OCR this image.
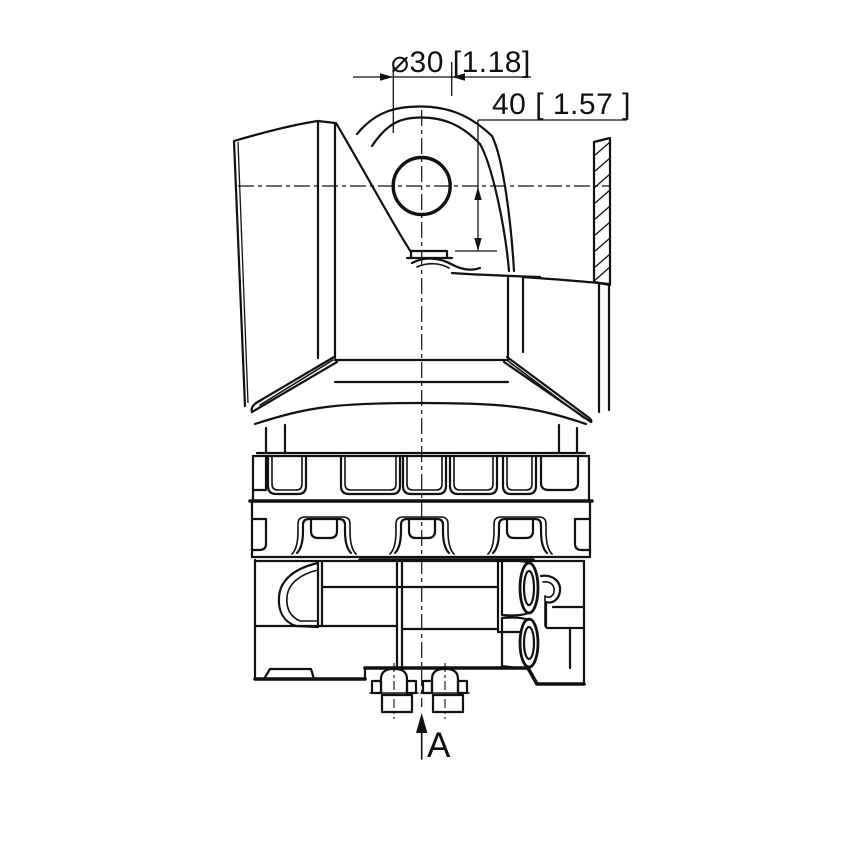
⌀30 [1.18]
40 [ 1.57 ]
A
